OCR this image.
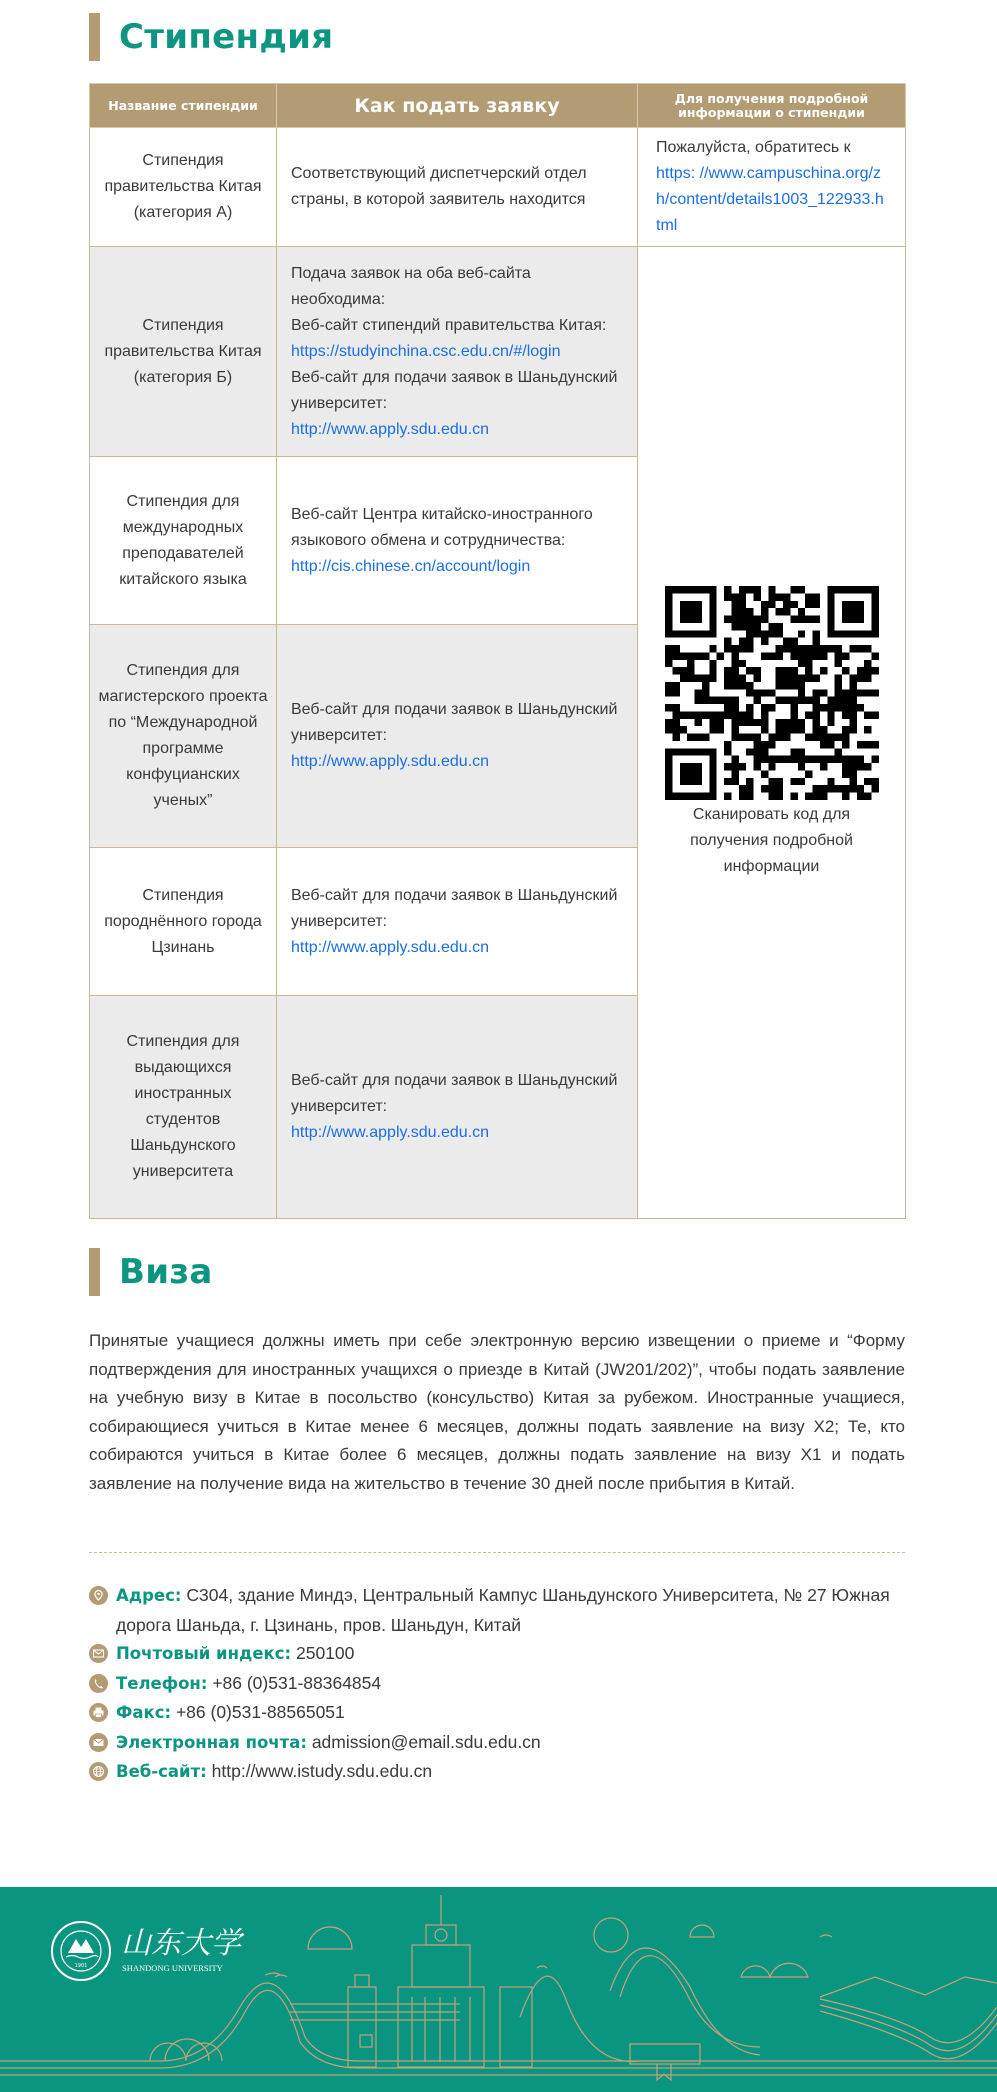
Стипендия
Название стипендии	Как подать заявку	Для получения подробной информации о стипендии
Стипендия правительства Китая (категория А)	Соответствующий диспетчерский отдел страны, в которой заявитель находится	Пожалуйста, обратитесь к
https: //www.campuschina.org/zh/content/details1003_122933.html

Стипендия правительства Китая (категория Б)	Подача заявок на оба веб-сайта необходима:
Веб-сайт стипендий правительства Китая:
https://studyinchina.csc.edu.cn/#/login
Веб-сайт для подачи заявок в Шаньдунский университет:
http://www.apply.sdu.edu.cn	Сканировать код для получения подробной информации

Стипендия для международных преподавателей китайского языка	Веб-сайт Центра китайско-иностранного языкового обмена и сотрудничества:
http://cis.chinese.cn/account/login	

Стипендия для магистерского проекта по “Международной программе конфуцианских ученых”	Веб-сайт для подачи заявок в Шаньдунский университет:
http://www.apply.sdu.edu.cn	

Стипендия породнённого города Цзинань	Веб-сайт для подачи заявок в Шаньдунский университет:
http://www.apply.sdu.edu.cn	

Стипендия для выдающихся иностранных студентов Шаньдунского университета	Веб-сайт для подачи заявок в Шаньдунский университет:
http://www.apply.sdu.edu.cn	
Виза
Принятые учащиеся должны иметь при себе электронную версию извещении о приеме и “Форму подтверждения для иностранных учащихся о приезде в Китай (JW201/202)”, чтобы подать заявление на учебную визу в Китае в посольство (консульство) Китая за рубежом. Иностранные учащиеся, собирающиеся учиться в Китае менее 6 месяцев, должны подать заявление на визу X2; Те, кто собираются учиться в Китае более 6 месяцев, должны подать заявление на визу X1 и подать заявление на получение вида на жительство в течение 30 дней после прибытия в Китай.
Адрес: С304, здание Миндэ, Центральный Кампус Шаньдунского Университета, № 27 Южная дорога Шаньда, г. Цзинань, пров. Шаньдун, Китай
Почтовый индекс: 250100
Телефон: +86 (0)531-88364854
Факс: +86 (0)531-88565051
Электронная почта: admission@email.sdu.edu.cn
Веб-сайт: http://www.istudy.sdu.edu.cn
1901
山东大学
SHANDONG UNIVERSITY
